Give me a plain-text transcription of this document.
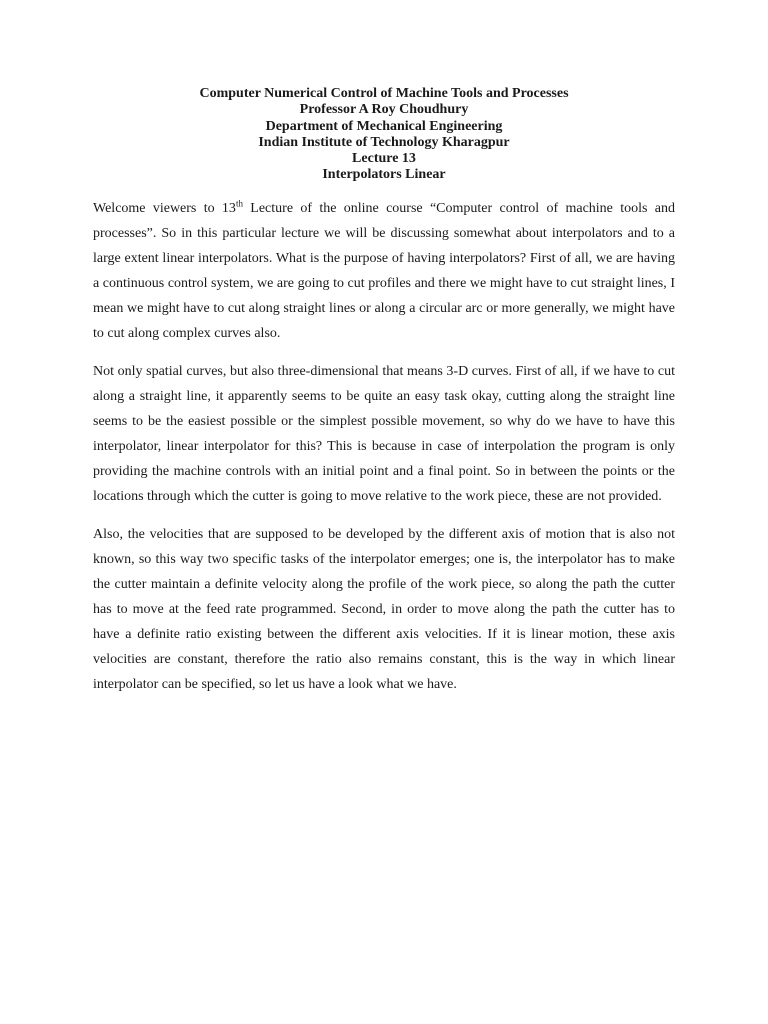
Computer Numerical Control of Machine Tools and Processes
Professor A Roy Choudhury
Department of Mechanical Engineering
Indian Institute of Technology Kharagpur
Lecture 13
Interpolators Linear

Welcome viewers to 13th Lecture of the online course “Computer control of machine tools and processes”. So in this particular lecture we will be discussing somewhat about interpolators and to a large extent linear interpolators. What is the purpose of having interpolators? First of all, we are having a continuous control system, we are going to cut profiles and there we might have to cut straight lines, I mean we might have to cut along straight lines or along a circular arc or more generally, we might have to cut along complex curves also.

Not only spatial curves, but also three-dimensional that means 3-D curves. First of all, if we have to cut along a straight line, it apparently seems to be quite an easy task okay, cutting along the straight line seems to be the easiest possible or the simplest possible movement, so why do we have to have this interpolator, linear interpolator for this? This is because in case of interpolation the program is only providing the machine controls with an initial point and a final point. So in between the points or the locations through which the cutter is going to move relative to the work piece, these are not provided.

Also, the velocities that are supposed to be developed by the different axis of motion that is also not known, so this way two specific tasks of the interpolator emerges; one is, the interpolator has to make the cutter maintain a definite velocity along the profile of the work piece, so along the path the cutter has to move at the feed rate programmed. Second, in order to move along the path the cutter has to have a definite ratio existing between the different axis velocities. If it is linear motion, these axis velocities are constant, therefore the ratio also remains constant, this is the way in which linear interpolator can be specified, so let us have a look what we have.
